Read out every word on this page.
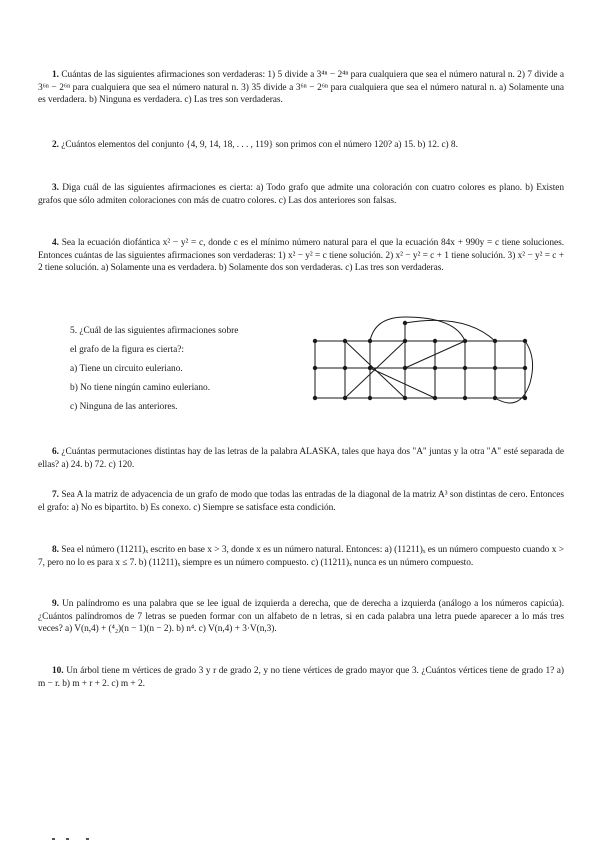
1. Cuántas de las siguientes afirmaciones son verdaderas: 1) 5 divide a 3⁴ⁿ − 2⁴ⁿ para cualquiera que sea el número natural n. 2) 7 divide a 3⁶ⁿ − 2⁶ⁿ para cualquiera que sea el número natural n. 3) 35 divide a 3⁶ⁿ − 2⁶ⁿ para cualquiera que sea el número natural n. a) Solamente una es verdadera. b) Ninguna es verdadera. c) Las tres son verdaderas.
2. ¿Cuántos elementos del conjunto {4, 9, 14, 18, . . . , 119} son primos con el número 120? a) 15. b) 12. c) 8.
3. Diga cuál de las siguientes afirmaciones es cierta: a) Todo grafo que admite una coloración con cuatro colores es plano. b) Existen grafos que sólo admiten coloraciones con más de cuatro colores. c) Las dos anteriores son falsas.
4. Sea la ecuación diofántica x² − y² = c, donde c es el mínimo número natural para el que la ecuación 84x + 990y = c tiene soluciones. Entonces cuántas de las siguientes afirmaciones son verdaderas: 1) x² − y² = c tiene solución. 2) x² − y² = c + 1 tiene solución. 3) x² − y² = c + 2 tiene solución. a) Solamente una es verdadera. b) Solamente dos son verdaderas. c) Las tres son verdaderas.
5. ¿Cuál de las siguientes afirmaciones sobre
el grafo de la figura es cierta?:
a) Tiene un circuito euleriano.
b) No tiene ningún camino euleriano.
c) Ninguna de las anteriores.
6. ¿Cuántas permutaciones distintas hay de las letras de la palabra ALASKA, tales que haya dos "A" juntas y la otra "A" esté separada de ellas? a) 24. b) 72. c) 120.
7. Sea A la matriz de adyacencia de un grafo de modo que todas las entradas de la diagonal de la matriz A³ son distintas de cero. Entonces el grafo: a) No es bipartito. b) Es conexo. c) Siempre se satisface esta condición.
8. Sea el número (11211)ₓ escrito en base x > 3, donde x es un número natural. Entonces: a) (11211)ₓ es un número compuesto cuando x > 7, pero no lo es para x ≤ 7. b) (11211)ₓ siempre es un número compuesto. c) (11211)ₓ nunca es un número compuesto.
9. Un palíndromo es una palabra que se lee igual de izquierda a derecha, que de derecha a izquierda (análogo a los números capicúa). ¿Cuántos palíndromos de 7 letras se pueden formar con un alfabeto de n letras, si en cada palabra una letra puede aparecer a lo más tres veces? a) V(n,4) + (⁴₂)(n − 1)(n − 2). b) n⁴. c) V(n,4) + 3·V(n,3).
10. Un árbol tiene m vértices de grado 3 y r de grado 2, y no tiene vértices de grado mayor que 3. ¿Cuántos vértices tiene de grado 1? a) m − r. b) m + r + 2. c) m + 2.
